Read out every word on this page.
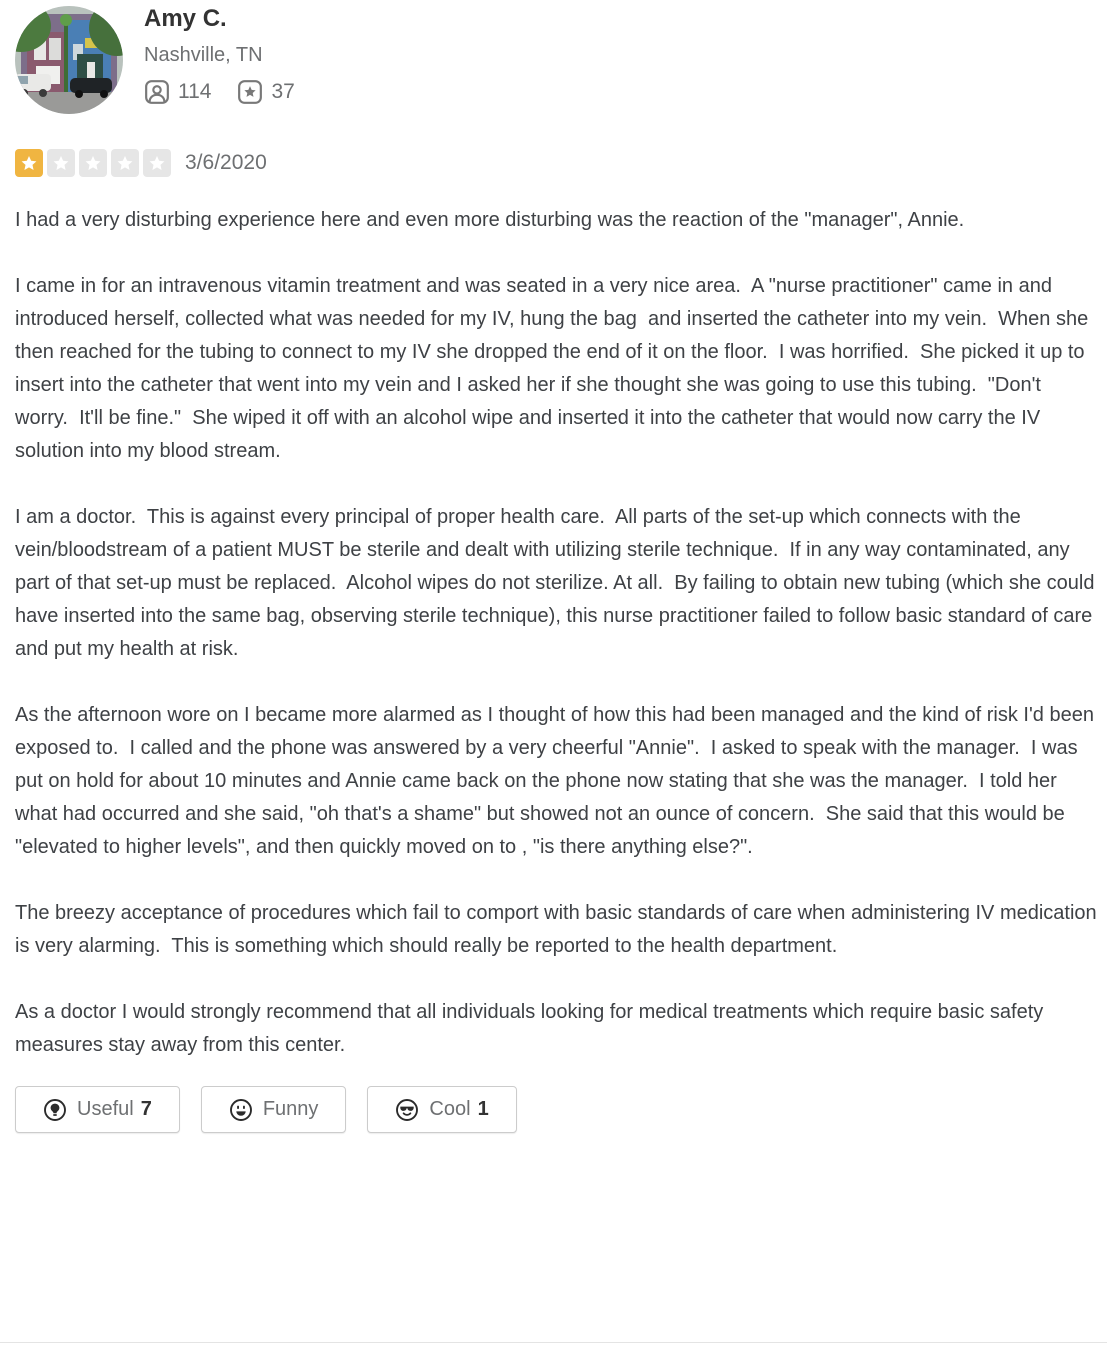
Amy C.
Nashville, TN
114	37
3/6/2020

I had a very disturbing experience here and even more disturbing was the reaction of the "manager", Annie.

I came in for an intravenous vitamin treatment and was seated in a very nice area.  A "nurse practitioner" came in and introduced herself, collected what was needed for my IV, hung the bag  and inserted the catheter into my vein.  When she then reached for the tubing to connect to my IV she dropped the end of it on the floor.  I was horrified.  She picked it up to insert into the catheter that went into my vein and I asked her if she thought she was going to use this tubing.  "Don't worry.  It'll be fine."  She wiped it off with an alcohol wipe and inserted it into the catheter that would now carry the IV solution into my blood stream.

I am a doctor.  This is against every principal of proper health care.  All parts of the set-up which connects with the vein/bloodstream of a patient MUST be sterile and dealt with utilizing sterile technique.  If in any way contaminated, any part of that set-up must be replaced.  Alcohol wipes do not sterilize. At all.  By failing to obtain new tubing (which she could have inserted into the same bag, observing sterile technique), this nurse practitioner failed to follow basic standard of care and put my health at risk.

As the afternoon wore on I became more alarmed as I thought of how this had been managed and the kind of risk I'd been exposed to.  I called and the phone was answered by a very cheerful "Annie".  I asked to speak with the manager.  I was put on hold for about 10 minutes and Annie came back on the phone now stating that she was the manager.  I told her what had occurred and she said, "oh that's a shame" but showed not an ounce of concern.  She said that this would be "elevated to higher levels", and then quickly moved on to , "is there anything else?".

The breezy acceptance of procedures which fail to comport with basic standards of care when administering IV medication is very alarming.  This is something which should really be reported to the health department.

As a doctor I would strongly recommend that all individuals looking for medical treatments which require basic safety measures stay away from this center.

Useful 7	Funny	Cool 1
